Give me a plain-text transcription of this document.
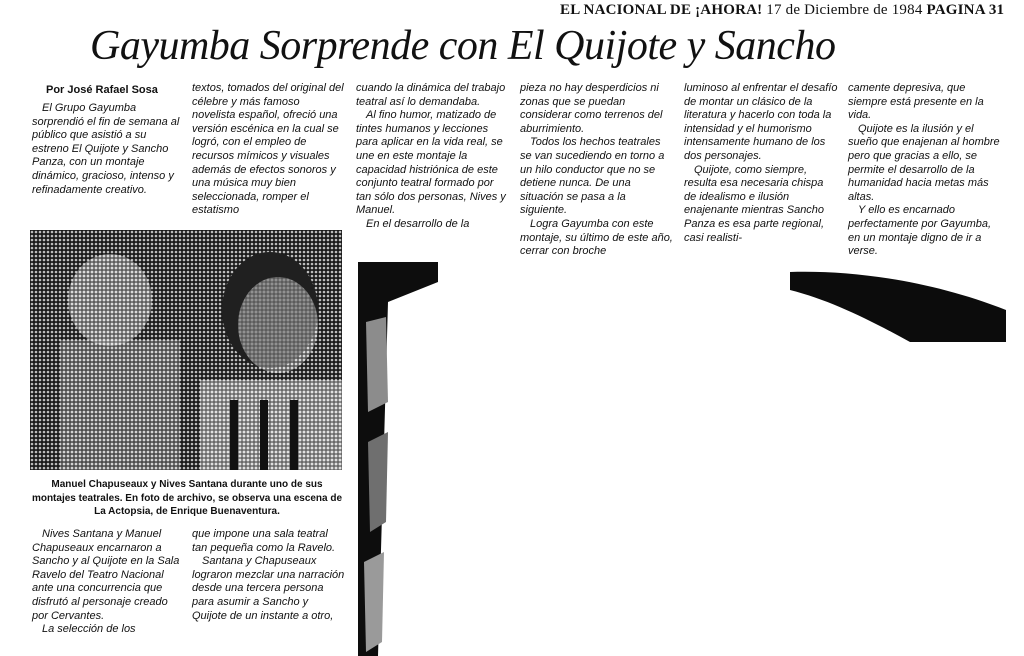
EL NACIONAL DE ¡AHORA! 17 de Diciembre de 1984 PAGINA 31
Gayumba Sorprende con El Quijote y Sancho
Por José Rafael Sosa

El Grupo Gayumba sorprendió el fin de semana al público que asistió a su estreno El Quijote y Sancho Panza, con un montaje dinámico, gracioso, intenso y refinadamente creativo.

textos, tomados del original del célebre y más famoso novelista español, ofreció una versión escénica en la cual se logró, con el empleo de recursos mímicos y visuales además de efectos sonoros y una música muy bien seleccionada, romper el estatismo

cuando la dinámica del trabajo teatral así lo demandaba.

Al fino humor, matizado de tintes humanos y lecciones para aplicar en la vida real, se une en este montaje la capacidad histriónica de este conjunto teatral formado por tan sólo dos personas, Nives y Manuel.

En el desarrollo de la

pieza no hay desperdicios ni zonas que se puedan considerar como terrenos del aburrimiento.

Todos los hechos teatrales se van sucediendo en torno a un hilo conductor que no se detiene nunca. De una situación se pasa a la siguiente.

Logra Gayumba con este montaje, su último de este año, cerrar con broche

luminoso al enfrentar el desafío de montar un clásico de la literatura y hacerlo con toda la intensidad y el humorismo intensamente humano de los dos personajes.

Quijote, como siempre, resulta esa necesaria chispa de idealismo e ilusión enajenante mientras Sancho Panza es esa parte regional, casi realisti-

camente depresiva, que siempre está presente en la vida.

Quijote es la ilusión y el sueño que enajenan al hombre pero que gracias a ello, se permite el desarrollo de la humanidad hacia metas más altas.

Y ello es encarnado perfectamente por Gayumba, en un montaje digno de ir a verse.

Manuel Chapuseaux y Nives Santana durante uno de sus montajes teatrales. En foto de archivo, se observa una escena de La Actopsia, de Enrique Buenaventura.

Nives Santana y Manuel Chapuseaux encarnaron a Sancho y al Quijote en la Sala Ravelo del Teatro Nacional ante una concurrencia que disfrutó al personaje creado por Cervantes.

La selección de los

que impone una sala teatral tan pequeña como la Ravelo.

Santana y Chapuseaux lograron mezclar una narración desde una tercera persona para asumir a Sancho y Quijote de un instante a otro,
